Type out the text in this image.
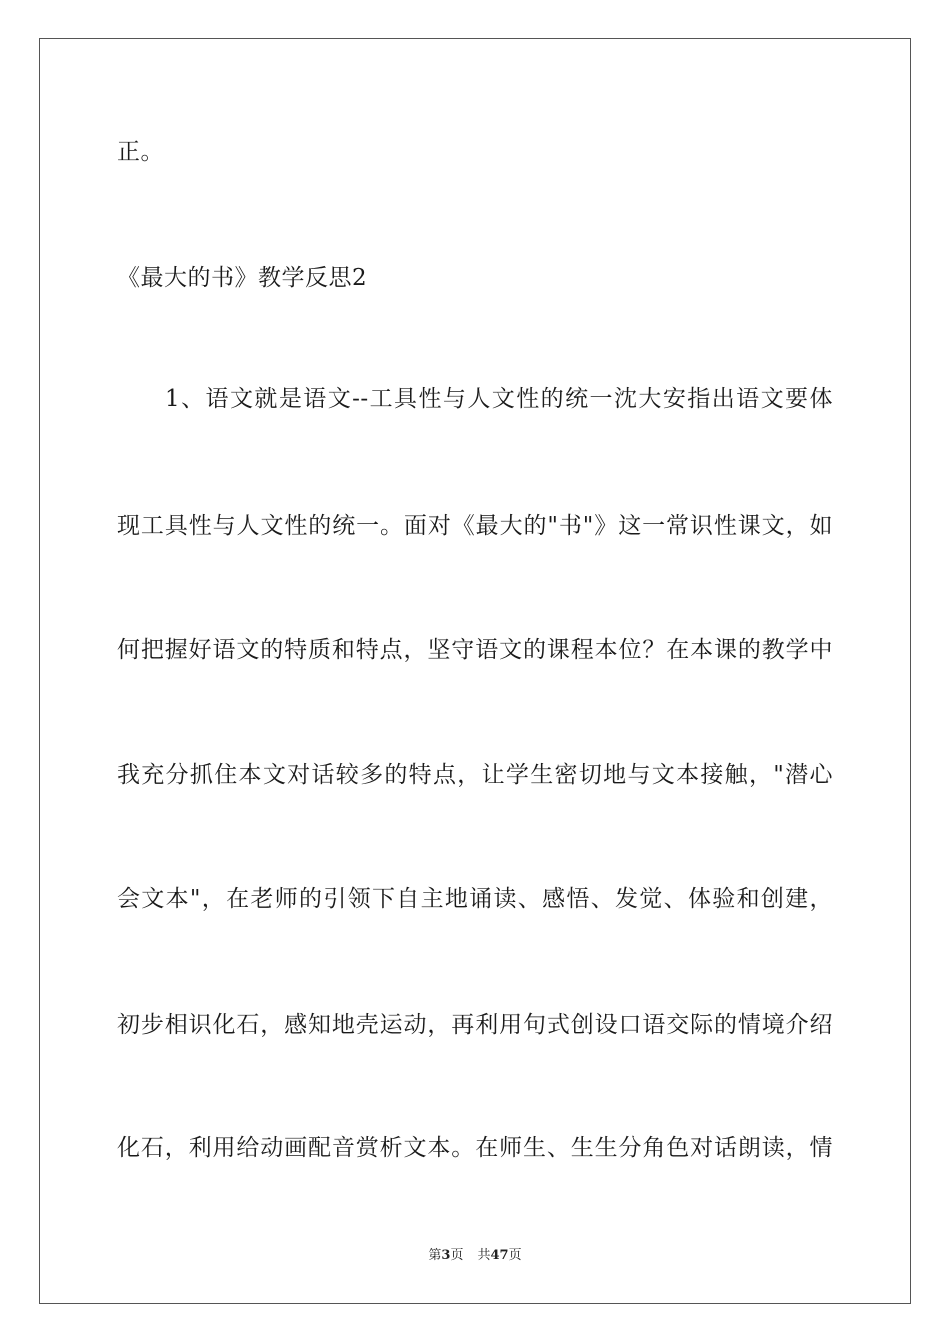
正。
《最大的书》教学反思2
1、语文就是语文--工具性与人文性的统一沈大安指出语文要体
现工具性与人文性的统一。面对《最大的"书"》这一常识性课文，如
何把握好语文的特质和特点，坚守语文的课程本位？在本课的教学中
我充分抓住本文对话较多的特点，让学生密切地与文本接触，"潜心
会文本"，在老师的引领下自主地诵读、感悟、发觉、体验和创建，
初步相识化石，感知地壳运动，再利用句式创设口语交际的情境介绍
化石，利用给动画配音赏析文本。在师生、生生分角色对话朗读，情
第3页 共47页
